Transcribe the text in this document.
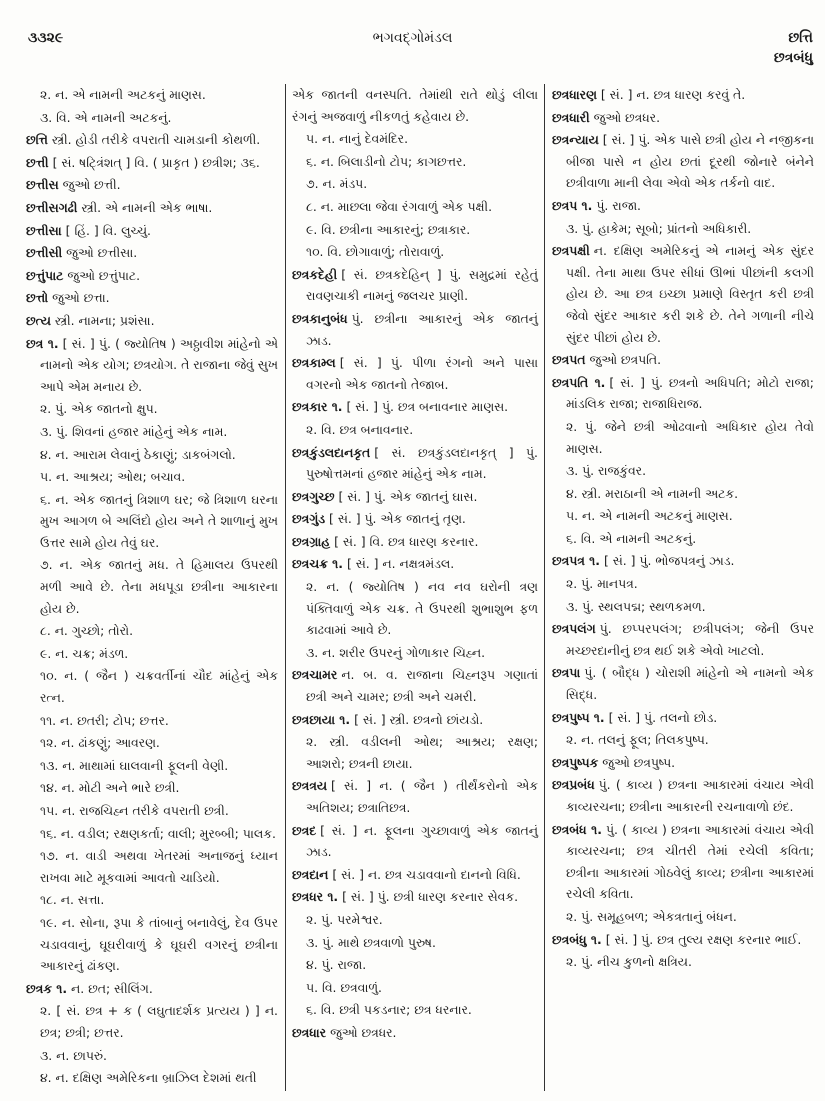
૩૩૨૯	ભગવદ્ગોમંડલ	છત્તિ
છત્રબંધુ
૨. ન. એ નામની અટકનું માણસ.
૩. વિ. એ નામની અટકનું.
છત્તિ સ્ત્રી. હોડી તરીકે વપરાતી ચામડાની કોથળી.
છત્તી [ સં. ષટ્ત્રિંશત્ ] વિ. ( પ્રાકૃત ) છત્રીશ; ૩૬.
છત્તીસ જુઓ છત્તી.
છત્તીસગઢી સ્ત્રી. એ નામની એક ભાષા.
છત્તીસા [ હિં. ] વિ. લુચ્ચું.
છત્તીસી જુઓ છત્તીસા.
છત્તુંપાટ જુઓ છત્તુંપાટ.
છત્તો જુઓ છત્તા.
છત્ય સ્ત્રી. નામના; પ્રશંસા.
છત્ર ૧. [ સં. ] પું. ( જ્યોતિષ ) અઠ્ઠાવીશ માંહેનો એ નામનો એક યોગ; છત્રયોગ. તે રાજાના જેવું સુખ આપે એમ મનાય છે.
૨. પું. એક જાતનો ક્ષુપ.
૩. પું. શિવનાં હજાર માંહેનું એક નામ.
૪. ન. આરામ લેવાનું ઠેકાણું; ડાકબંગલો.
૫. ન. આશ્રય; ઓથ; બચાવ.
૬. ન. એક જાતનું ત્રિશાળ ઘર; જે ત્રિશાળ ઘરના મુખ આગળ બે અલિંદો હોય અને તે શાળાનું મુખ ઉત્તર સામે હોય તેવું ઘર.
૭. ન. એક જાતનું મધ. તે હિમાલય ઉપરથી મળી આવે છે. તેના મધપૂડા છત્રીના આકારના હોય છે.
૮. ન. ગુચ્છો; તોરો.
૯. ન. ચક્ર; મંડળ.
૧૦. ન. ( જૈન ) ચક્રવર્તીનાં ચૌદ માંહેનું એક રત્ન.
૧૧. ન. છતરી; ટોપ; છત્તર.
૧૨. ન. ઢાંકણું; આવરણ.
૧૩. ન. માથામાં ઘાલવાની ફૂલની વેણી.
૧૪. ન. મોટી અને ભારે છત્રી.
૧૫. ન. રાજચિહ્ન તરીકે વપરાતી છત્રી.
૧૬. ન. વડીલ; રક્ષણકર્તા; વાલી; મુરબ્બી; પાલક.
૧૭. ન. વાડી અથવા ખેતરમાં અનાજનું ધ્યાન રાખવા માટે મૂકવામાં આવતો ચાડિયો.
૧૮. ન. સત્તા.
૧૯. ન. સોના, રૂપા કે તાંબાનું બનાવેલું, દેવ ઉપર ચડાવવાનું, ઘૂઘરીવાળું કે ઘૂઘરી વગરનું છત્રીના આકારનું ઢાંકણ.
છત્રક ૧. ન. છત; સીલિંગ.
૨. [ સં. છત્ર + ક ( લઘુતાદર્શક પ્રત્યય ) ] ન. છત્ર; છત્રી; છત્તર.
૩. ન. છાપરું.
૪. ન. દક્ષિણ અમેરિકના બ્રાઝિલ દેશમાં થતી
એક જાતની વનસ્પતિ. તેમાંથી રાતે થોડું લીલા રંગનું અજવાળું નીકળતું કહેવાય છે.
૫. ન. નાનું દેવમંદિર.
૬. ન. બિલાડીનો ટોપ; કાગછત્તર.
૭. ન. મંડપ.
૮. ન. માછલા જેવા રંગવાળું એક પક્ષી.
૯. વિ. છત્રીના આકારનું; છત્રાકાર.
૧૦. વિ. છોગાવાળું; તોરાવાળું.
છત્રકદેહી [ સં. છત્રકદેહિન્ ] પું. સમુદ્રમાં રહેતું રાવણચાકી નામનું જલચર પ્રાણી.
છત્રકાનુબંધ પું. છત્રીના આકારનું એક જાતનું ઝાડ.
છત્રકામ્લ [ સં. ] પું. પીળા રંગનો અને પાસા વગરનો એક જાતનો તેજાબ.
છત્રકાર ૧. [ સં. ] પું. છત્ર બનાવનાર માણસ.
૨. વિ. છત્ર બનાવનાર.
છત્રકુંડલદાનકૃત [ સં. છત્રકુંડલદાનકૃત્ ] પું. પુરુષોત્તમનાં હજાર માંહેનું એક નામ.
છત્રગુચ્છ [ સં. ] પું. એક જાતનું ઘાસ.
છત્રગુંડ [ સં. ] પું. એક જાતનું તૃણ.
છત્રગ્રાહ [ સં. ] વિ. છત્ર ધારણ કરનાર.
છત્રચક્ર ૧. [ સં. ] ન. નક્ષત્રમંડલ.
૨. ન. ( જ્યોતિષ ) નવ નવ ઘરોની ત્રણ પંક્તિવાળું એક ચક્ર. તે ઉપરથી શુભાશુભ ફળ કાઢવામાં આવે છે.
૩. ન. શરીર ઉપરનું ગોળાકાર ચિહ્ન.
છત્રચામર ન. બ. વ. રાજાના ચિહ્નરૂપ ગણાતાં છત્રી અને ચામર; છત્રી અને ચમરી.
છત્રછાયા ૧. [ સં. ] સ્ત્રી. છત્રનો છાંયડો.
૨. સ્ત્રી. વડીલની ઓથ; આશ્રય; રક્ષણ; આશરો; છત્રની છાયા.
છત્રત્રય [ સં. ] ન. ( જૈન ) તીર્થંકરોનો એક અતિશય; છત્રાતિછત્ર.
છત્રદ [ સં. ] ન. ફૂલના ગુચ્છાવાળું એક જાતનું ઝાડ.
છત્રદાન [ સં. ] ન. છત્ર ચડાવવાનો દાનનો વિધિ.
છત્રધર ૧. [ સં. ] પું. છત્રી ધારણ કરનાર સેવક.
૨. પું. પરમેશ્વર.
૩. પું. માથે છત્રવાળો પુરુષ.
૪. પું. રાજા.
૫. વિ. છત્રવાળું.
૬. વિ. છત્રી પકડનાર; છત્ર ધરનાર.
છત્રધાર જુઓ છત્રધર.
છત્રધારણ [ સં. ] ન. છત્ર ધારણ કરવું તે.
છત્રધારી જુઓ છત્રધર.
છત્રન્યાય [ સં. ] પું. એક પાસે છત્રી હોય ને નજીકના બીજા પાસે ન હોય છતાં દૂરથી જોનારે બંનેને છત્રીવાળા માની લેવા એવો એક તર્કનો વાદ.
છત્રપ ૧. પું. રાજા.
૩. પું. હાકેમ; સૂબો; પ્રાંતનો અધિકારી.
છત્રપક્ષી ન. દક્ષિણ અમેરિકનું એ નામનું એક સુંદર પક્ષી. તેના માથા ઉપર સીધાં ઊભાં પીછાંની કલગી હોય છે. આ છત્ર ઇચ્છા પ્રમાણે વિસ્તૃત કરી છત્રી જેવો સુંદર આકાર કરી શકે છે. તેને ગળાની નીચે સુંદર પીછાં હોય છે.
છત્રપત જુઓ છત્રપતિ.
છત્રપતિ ૧. [ સં. ] પું. છત્રનો અધિપતિ; મોટો રાજા; માંડલિક રાજા; રાજાધિરાજ.
૨. પું. જેને છત્રી ઓઢવાનો અધિકાર હોય તેવો માણસ.
૩. પું. રાજકુંવર.
૪. સ્ત્રી. મરાઠાની એ નામની અટક.
૫. ન. એ નામની અટકનું માણસ.
૬. વિ. એ નામની અટકનું.
છત્રપત્ર ૧. [ સં. ] પું. ભોજપત્રનું ઝાડ.
૨. પું. માનપત્ર.
૩. પું. સ્થલપદ્મ; સ્થળકમળ.
છત્રપલંગ પું. છપ્પરપલંગ; છત્રીપલંગ; જેની ઉપર મચ્છરદાનીનું છત્ર થઈ શકે એવો ખાટલો.
છત્રપા પું. ( બૌદ્ધ ) ચોરાશી માંહેનો એ નામનો એક સિદ્ધ.
છત્રપુષ્પ ૧. [ સં. ] પું. તલનો છોડ.
૨. ન. તલનું ફૂલ; તિલકપુષ્પ.
છત્રપુષ્પક જુઓ છત્રપુષ્પ.
છત્રપ્રબંધ પું. ( કાવ્ય ) છત્રના આકારમાં વંચાય એવી કાવ્યરચના; છત્રીના આકારની રચનાવાળો છંદ.
છત્રબંધ ૧. પું. ( કાવ્ય ) છત્રના આકારમાં વંચાય એવી કાવ્યરચના; છત્ર ચીતરી તેમાં રચેલી કવિતા; છત્રીના આકારમાં ગોઠવેલું કાવ્ય; છત્રીના આકારમાં રચેલી કવિતા.
૨. પું. સમૂહબળ; એકત્રતાનું બંધન.
છત્રબંધુ ૧. [ સં. ] પું. છત્ર તુલ્ય રક્ષણ કરનાર ભાઈ.
૨. પું. નીચ કુળનો ક્ષત્રિય.
